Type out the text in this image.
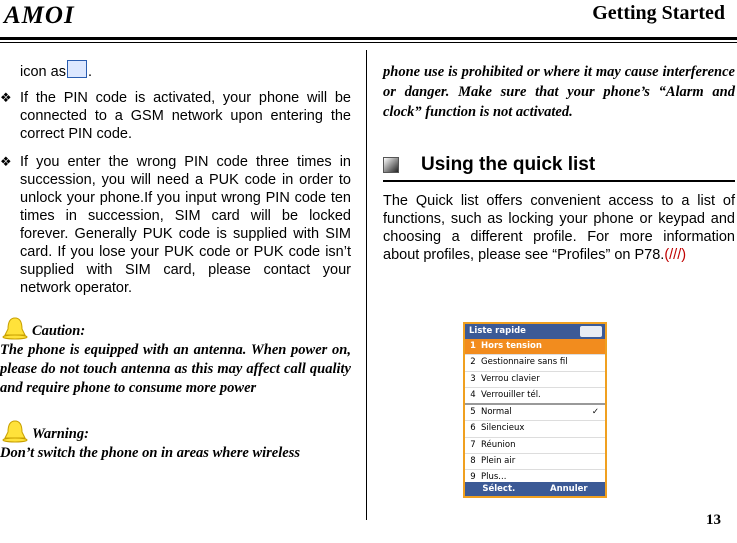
AMOI	Getting Started
icon as .
❖ If the PIN code is activated, your phone will be connected to a GSM network upon entering the correct PIN code.
❖ If you enter the wrong PIN code three times in succession, you will need a PUK code in order to unlock your phone.If you input wrong PIN code ten times in succession, SIM card will be locked forever. Generally PUK code is supplied with SIM card. If you lose your PUK code or PUK code isn’t supplied with SIM card, please contact your network operator.
Caution:
The phone is equipped with an antenna. When power on, please do not touch antenna as this may affect call quality and require phone to consume more power
Warning:
Don’t switch the phone on in areas where wireless
phone use is prohibited or where it may cause interference or danger. Make sure that your phone’s “Alarm and clock” function is not activated.
Using the quick list
The Quick list offers convenient access to a list of functions, such as locking your phone or keypad and choosing a different profile. For more information about profiles, please see “Profiles” on P78.(///)
Liste rapide
1 Hors tension
2 Gestionnaire sans fil
3 Verrou clavier
4 Verrouiller tél.
5 Normal	✓
6 Silencieux
7 Réunion
8 Plein air
9 Plus...
Sélect.	Annuler
13
